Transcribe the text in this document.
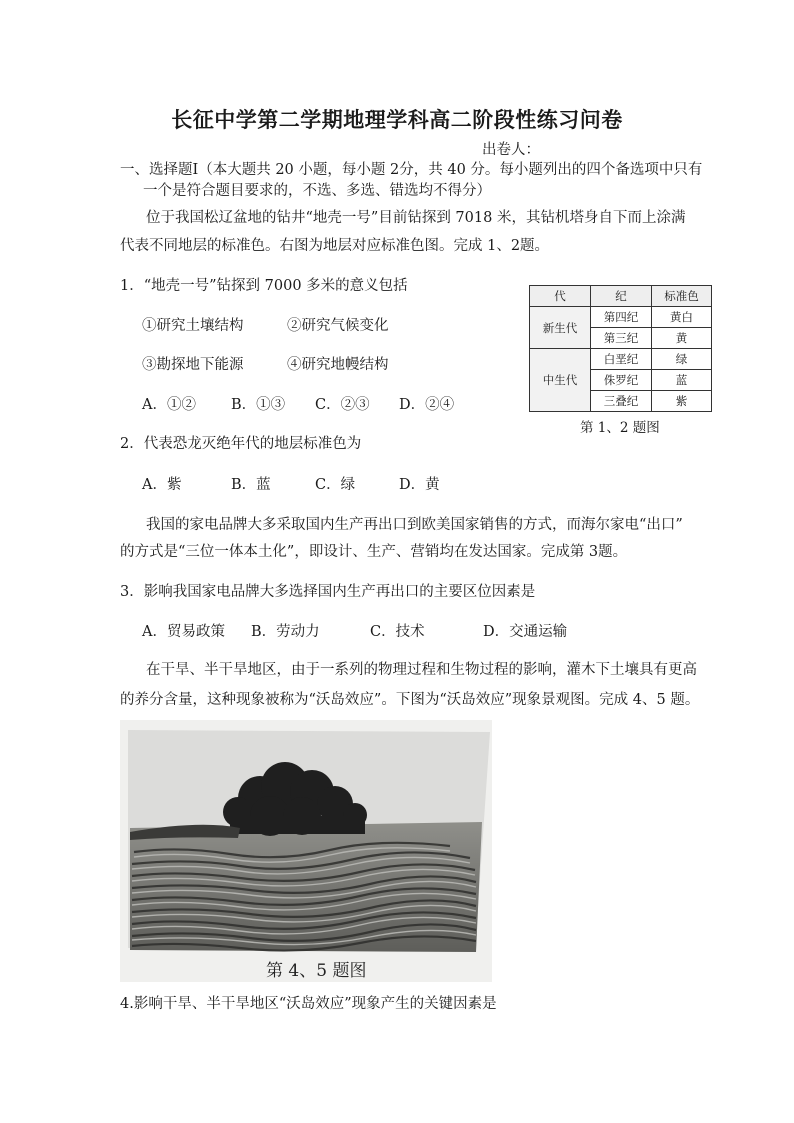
长征中学第二学期地理学科高二阶段性练习问卷
出卷人：
一、选择题Ⅰ（本大题共 20 小题，每小题 2分，共 40 分。每小题列出的四个备选项中只有
一个是符合题目要求的，不选、多选、错选均不得分）
位于我国松辽盆地的钻井“地壳一号”目前钻探到 7018 米，其钻机塔身自下而上涂满
代表不同地层的标准色。右图为地层对应标准色图。完成 1、2题。
1．“地壳一号”钻探到 7000 多米的意义包括
①研究土壤结构	②研究气候变化
③勘探地下能源	④研究地幔结构
A．①② B．①③ C．②③ D．②④
代	纪	标准色
新生代	第四纪	黄白
	第三纪	黄
中生代	白垩纪	绿
	侏罗纪	蓝
	三叠纪	紫
第 1、2 题图
2．代表恐龙灭绝年代的地层标准色为
A．紫	B．蓝	C．绿	D．黄
我国的家电品牌大多采取国内生产再出口到欧美国家销售的方式，而海尔家电“出口”
的方式是“三位一体本土化”，即设计、生产、营销均在发达国家。完成第 3题。
3．影响我国家电品牌大多选择国内生产再出口的主要区位因素是
A．贸易政策 B．劳动力	C．技术	D．交通运输
在干旱、半干旱地区，由于一系列的物理过程和生物过程的影响，灌木下土壤具有更高
的养分含量，这种现象被称为“沃岛效应”。下图为“沃岛效应”现象景观图。完成 4、5 题。
第 4、5 题图
4.影响干旱、半干旱地区“沃岛效应”现象产生的关键因素是
